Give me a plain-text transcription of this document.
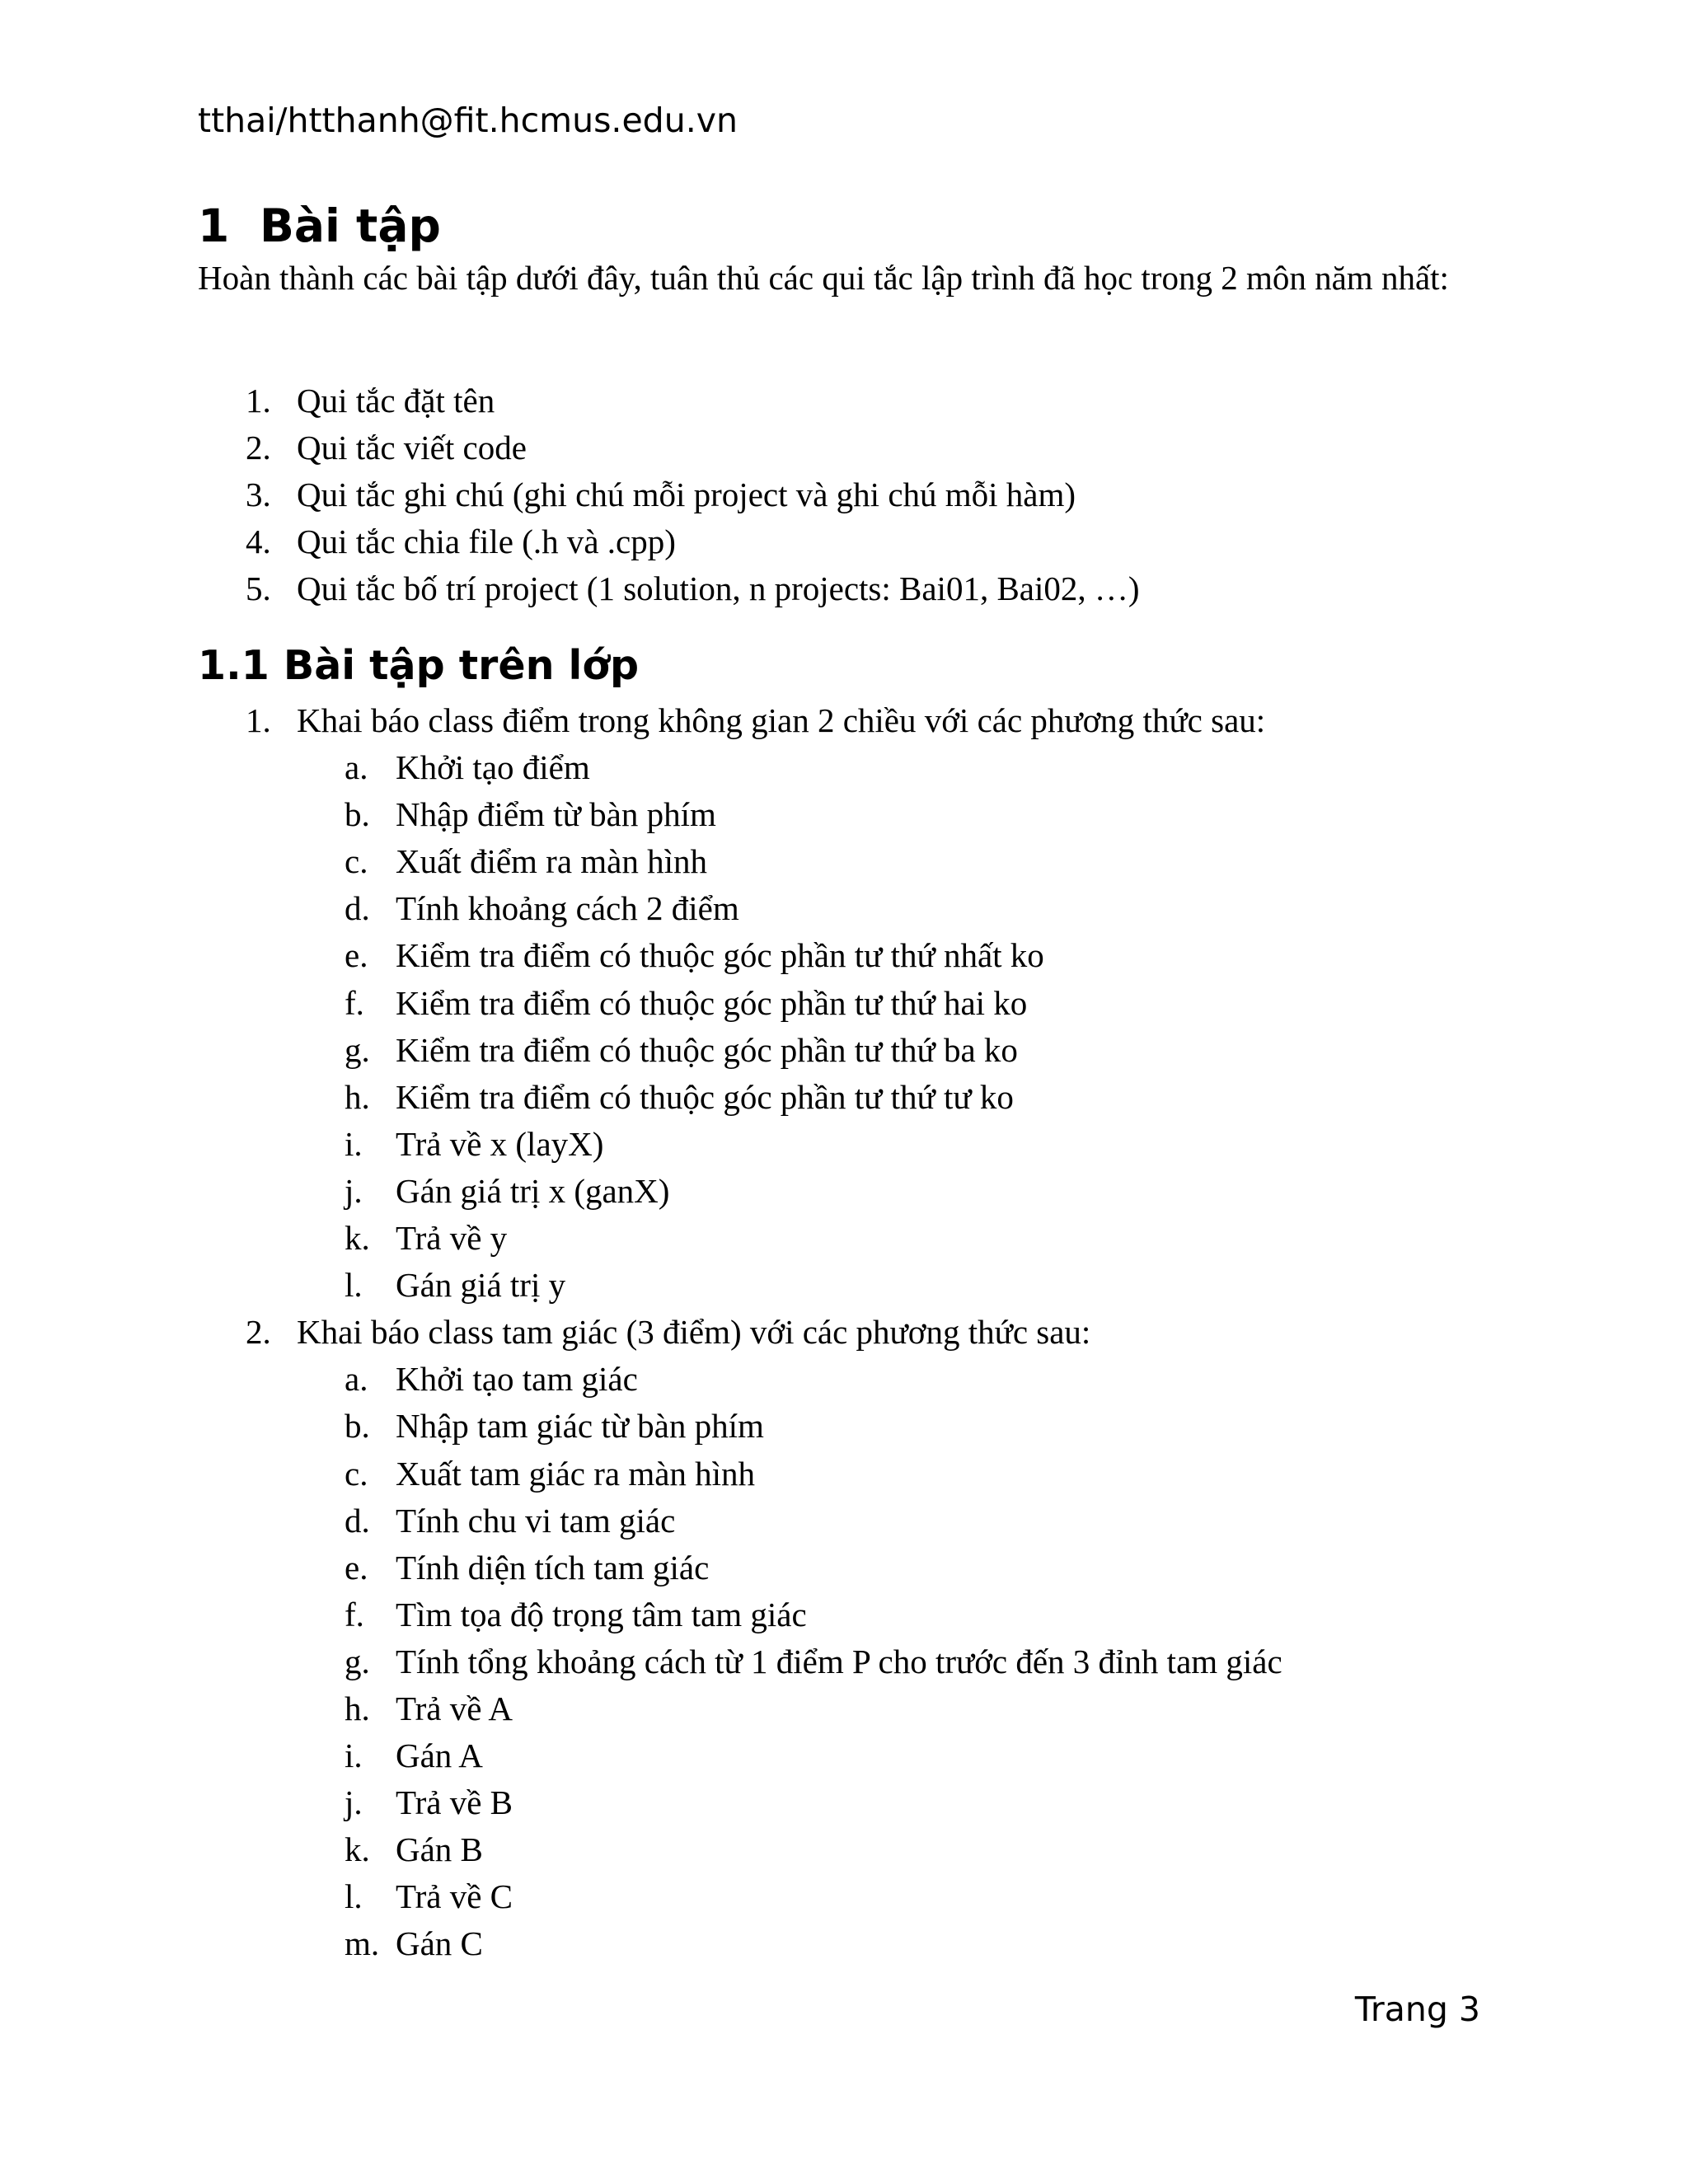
tthai/htthanh@fit.hcmus.edu.vn
1 Bài tập
Hoàn thành các bài tập dưới đây, tuân thủ các qui tắc lập trình đã học trong 2 môn năm nhất:
1. Qui tắc đặt tên
2. Qui tắc viết code
3. Qui tắc ghi chú (ghi chú mỗi project và ghi chú mỗi hàm)
4. Qui tắc chia file (.h và .cpp)
5. Qui tắc bố trí project (1 solution, n projects: Bai01, Bai02, …)
1.1 Bài tập trên lớp
1. Khai báo class điểm trong không gian 2 chiều với các phương thức sau:
a. Khởi tạo điểm
b. Nhập điểm từ bàn phím
c. Xuất điểm ra màn hình
d. Tính khoảng cách 2 điểm
e. Kiểm tra điểm có thuộc góc phần tư thứ nhất ko
f. Kiểm tra điểm có thuộc góc phần tư thứ hai ko
g. Kiểm tra điểm có thuộc góc phần tư thứ ba ko
h. Kiểm tra điểm có thuộc góc phần tư thứ tư ko
i. Trả về x (layX)
j. Gán giá trị x (ganX)
k. Trả về y
l. Gán giá trị y
2. Khai báo class tam giác (3 điểm) với các phương thức sau:
a. Khởi tạo tam giác
b. Nhập tam giác từ bàn phím
c. Xuất tam giác ra màn hình
d. Tính chu vi tam giác
e. Tính diện tích tam giác
f. Tìm tọa độ trọng tâm tam giác
g. Tính tổng khoảng cách từ 1 điểm P cho trước đến 3 đỉnh tam giác
h. Trả về A
i. Gán A
j. Trả về B
k. Gán B
l. Trả về C
m. Gán C
Trang 3
